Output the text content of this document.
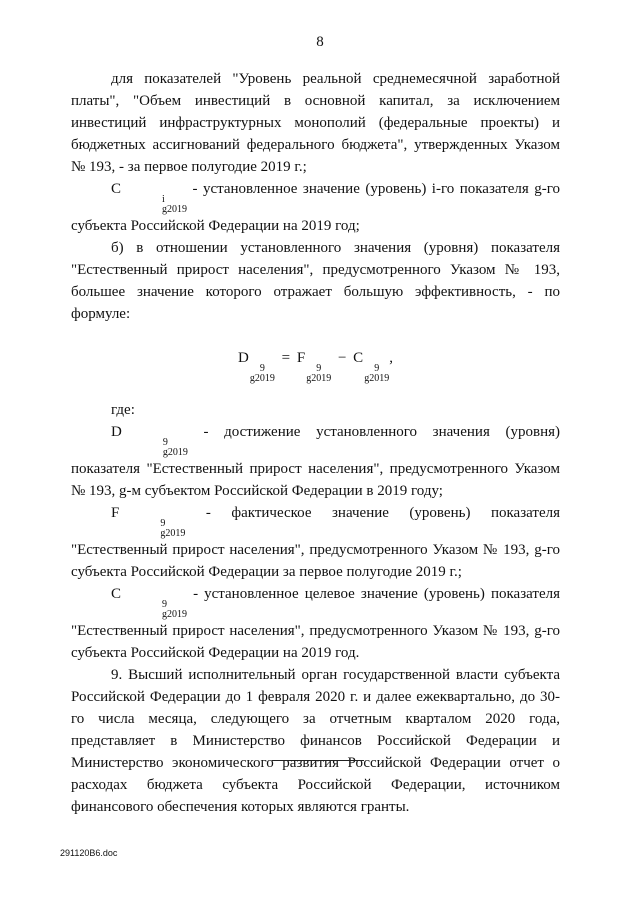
8

для показателей "Уровень реальной среднемесячной заработной платы", "Объем инвестиций в основной капитал, за исключением инвестиций инфраструктурных монополий (федеральные проекты) и бюджетных ассигнований федерального бюджета", утвержденных Указом № 193, - за первое полугодие 2019 г.;

C
i
g2019
- установленное значение (уровень) i-го показателя g-го субъекта Российской Федерации на 2019 год;

б) в отношении установленного значения (уровня) показателя "Естественный прирост населения", предусмотренного Указом № 193, большее значение которого отражает большую эффективность, - по формуле:

D
9
g2019
= F
9
g2019
− C
9
g2019
,

где:

D
9
g2019
- достижение установленного значения (уровня) показателя "Естественный прирост населения", предусмотренного Указом № 193, g-м субъектом Российской Федерации в 2019 году;

F
9
g2019
- фактическое значение (уровень) показателя "Естественный прирост населения", предусмотренного Указом № 193, g-го субъекта Российской Федерации за первое полугодие 2019 г.;

C
9
g2019
- установленное целевое значение (уровень) показателя "Естественный прирост населения", предусмотренного Указом № 193, g-го субъекта Российской Федерации на 2019 год.

9. Высший исполнительный орган государственной власти субъекта Российской Федерации до 1 февраля 2020 г. и далее ежеквартально, до 30-го числа месяца, следующего за отчетным кварталом 2020 года, представляет в Министерство финансов Российской Федерации и Министерство экономического развития Российской Федерации отчет о расходах бюджета субъекта Российской Федерации, источником финансового обеспечения которых являются гранты.

291120В6.doc
